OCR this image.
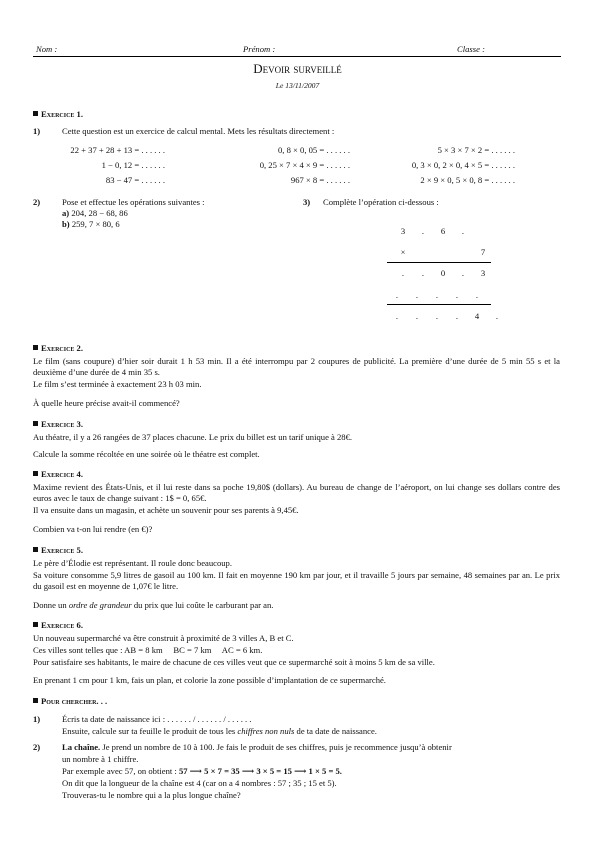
Nom :	Prénom :	Classe :
Devoir surveillé
Le 13/11/2007
Exercice 1.
1)	Cette question est un exercice de calcul mental. Mets les résultats directement :
22 + 37 + 28 + 13 = . . . . . .	0, 8 × 0, 05 = . . . . . .	5 × 3 × 7 × 2 = . . . . . .
1 − 0, 12 = . . . . . .	0, 25 × 7 × 4 × 9 = . . . . . .	0, 3 × 0, 2 × 0, 4 × 5 = . . . . . .
83 − 47 = . . . . . .	967 × 8 = . . . . . .	2 × 9 × 0, 5 × 0, 8 = . . . . . .
2)	Pose et effectue les opérations suivantes :
a) 204, 28 − 68, 86
b) 259, 7 × 80, 6
3) Complète l’opération ci-dessous :
3	.	6	.
×	7
.	.	0	.	3
.	.	.	.	.
.	.	.	.	4	.
Exercice 2.
Le film (sans coupure) d’hier soir durait 1 h 53 min. Il a été interrompu par 2 coupures de publicité. La première d’une durée de 5 min 55 s et la deuxième d’une durée de 4 min 35 s.
Le film s’est terminée à exactement 23 h 03 min.
À quelle heure précise avait-il commencé?
Exercice 3.
Au théatre, il y a 26 rangées de 37 places chacune. Le prix du billet est un tarif unique à 28€.
Calcule la somme récoltée en une soirée où le théatre est complet.
Exercice 4.
Maxime revient des États-Unis, et il lui reste dans sa poche 19,80$ (dollars). Au bureau de change de l’aéroport, on lui change ses dollars contre des euros avec le taux de change suivant : 1$ = 0, 65€.
Il va ensuite dans un magasin, et achète un souvenir pour ses parents à 9,45€.
Combien va t-on lui rendre (en €)?
Exercice 5.
Le père d’Élodie est représentant. Il roule donc beaucoup.
Sa voiture consomme 5,9 litres de gasoil au 100 km. Il fait en moyenne 190 km par jour, et il travaille 5 jours par semaine, 48 semaines par an. Le prix du gasoil est en moyenne de 1,07€ le litre.
Donne un ordre de grandeur du prix que lui coûte le carburant par an.
Exercice 6.
Un nouveau supermarché va être construit à proximité de 3 villes A, B et C.
Ces villes sont telles que : AB = 8 km     BC = 7 km     AC = 6 km.
Pour satisfaire ses habitants, le maire de chacune de ces villes veut que ce supermarché soit à moins 5 km de sa ville.
En prenant 1 cm pour 1 km, fais un plan, et colorie la zone possible d’implantation de ce supermarché.
Pour chercher. . .
1)	Écris ta date de naissance ici : . . . . . . / . . . . . . / . . . . . .
Ensuite, calcule sur ta feuille le produit de tous les chiffres non nuls de ta date de naissance.
2)	La chaîne. Je prend un nombre de 10 à 100. Je fais le produit de ses chiffres, puis je recommence jusqu’à obtenir
un nombre à 1 chiffre.
Par exemple avec 57, on obtient : 57 ⟶ 5 × 7 = 35 ⟶ 3 × 5 = 15 ⟶ 1 × 5 = 5.
On dit que la longueur de la chaîne est 4 (car on a 4 nombres : 57 ; 35 ; 15 et 5).
Trouveras-tu le nombre qui a la plus longue chaîne?
